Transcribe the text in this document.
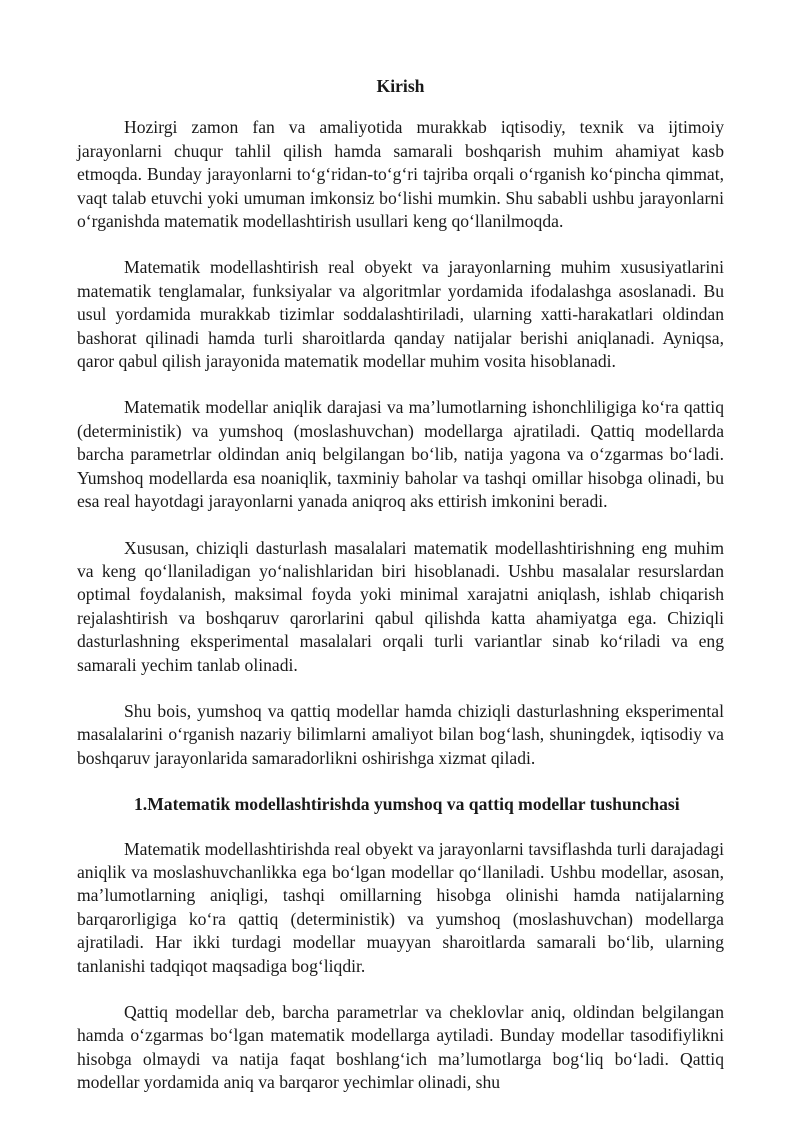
Kirish

Hozirgi zamon fan va amaliyotida murakkab iqtisodiy, texnik va ijtimoiy jarayonlarni chuqur tahlil qilish hamda samarali boshqarish muhim ahamiyat kasb etmoqda. Bunday jarayonlarni to‘g‘ridan-to‘g‘ri tajriba orqali o‘rganish ko‘pincha qimmat, vaqt talab etuvchi yoki umuman imkonsiz bo‘lishi mumkin. Shu sababli ushbu jarayonlarni o‘rganishda matematik modellashtirish usullari keng qo‘llanilmoqda.

Matematik modellashtirish real obyekt va jarayonlarning muhim xususiyatlarini matematik tenglamalar, funksiyalar va algoritmlar yordamida ifodalashga asoslanadi. Bu usul yordamida murakkab tizimlar soddalashtiriladi, ularning xatti-harakatlari oldindan bashorat qilinadi hamda turli sharoitlarda qanday natijalar berishi aniqlanadi. Ayniqsa, qaror qabul qilish jarayonida matematik modellar muhim vosita hisoblanadi.

Matematik modellar aniqlik darajasi va ma’lumotlarning ishonchliligiga ko‘ra qattiq (deterministik) va yumshoq (moslashuvchan) modellarga ajratiladi. Qattiq modellarda barcha parametrlar oldindan aniq belgilangan bo‘lib, natija yagona va o‘zgarmas bo‘ladi. Yumshoq modellarda esa noaniqlik, taxminiy baholar va tashqi omillar hisobga olinadi, bu esa real hayotdagi jarayonlarni yanada aniqroq aks ettirish imkonini beradi.

Xususan, chiziqli dasturlash masalalari matematik modellashtirishning eng muhim va keng qo‘llaniladigan yo‘nalishlaridan biri hisoblanadi. Ushbu masalalar resurslardan optimal foydalanish, maksimal foyda yoki minimal xarajatni aniqlash, ishlab chiqarish rejalashtirish va boshqaruv qarorlarini qabul qilishda katta ahamiyatga ega. Chiziqli dasturlashning eksperimental masalalari orqali turli variantlar sinab ko‘riladi va eng samarali yechim tanlab olinadi.

Shu bois, yumshoq va qattiq modellar hamda chiziqli dasturlashning eksperimental masalalarini o‘rganish nazariy bilimlarni amaliyot bilan bog‘lash, shuningdek, iqtisodiy va boshqaruv jarayonlarida samaradorlikni oshirishga xizmat qiladi.

1.Matematik modellashtirishda yumshoq va qattiq modellar tushunchasi

Matematik modellashtirishda real obyekt va jarayonlarni tavsiflashda turli darajadagi aniqlik va moslashuvchanlikka ega bo‘lgan modellar qo‘llaniladi. Ushbu modellar, asosan, ma’lumotlarning aniqligi, tashqi omillarning hisobga olinishi hamda natijalarning barqarorligiga ko‘ra qattiq (deterministik) va yumshoq (moslashuvchan) modellarga ajratiladi. Har ikki turdagi modellar muayyan sharoitlarda samarali bo‘lib, ularning tanlanishi tadqiqot maqsadiga bog‘liqdir.

Qattiq modellar deb, barcha parametrlar va cheklovlar aniq, oldindan belgilangan hamda o‘zgarmas bo‘lgan matematik modellarga aytiladi. Bunday modellar tasodifiylikni hisobga olmaydi va natija faqat boshlang‘ich ma’lumotlarga bog‘liq bo‘ladi. Qattiq modellar yordamida aniq va barqaror yechimlar olinadi, shu
